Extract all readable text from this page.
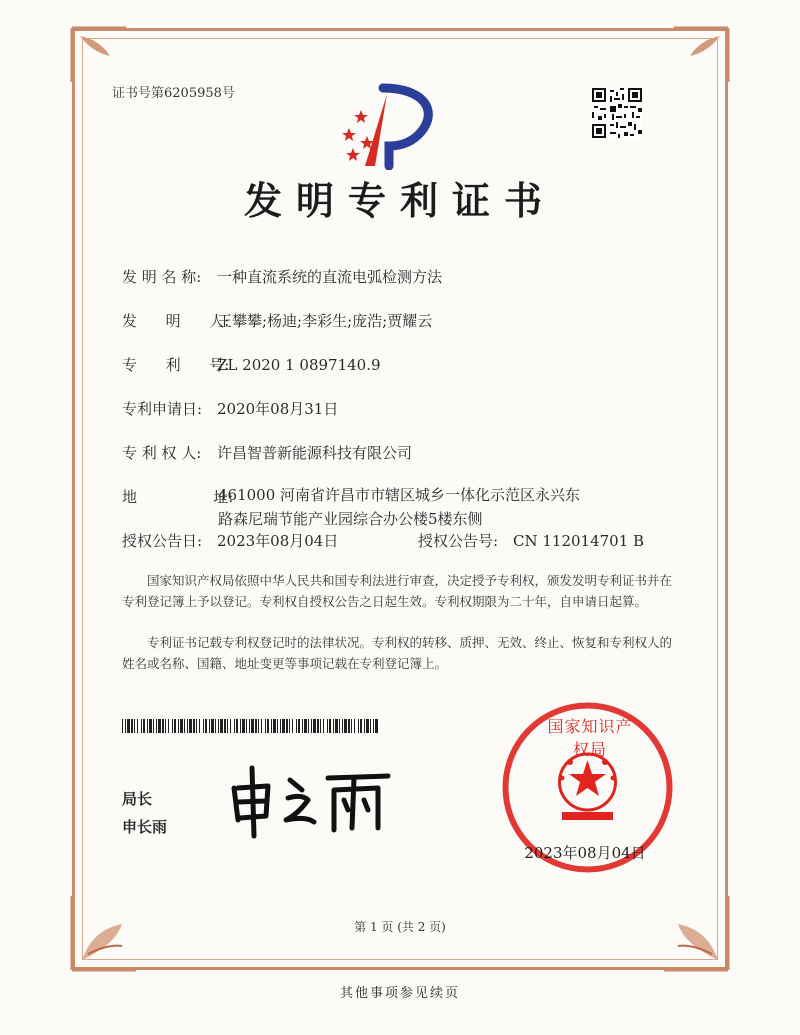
证书号第6205958号
发明专利证书
发 明 名 称: 一种直流系统的直流电弧检测方法
发      明      人:王攀攀;杨迪;李彩生;庞浩;贾耀云
专      利      号:ZL 2020 1 0897140.9
专利申请日: 2020年08月31日
专 利 权 人: 许昌智普新能源科技有限公司
地                址:
461000 河南省许昌市市辖区城乡一体化示范区永兴东
路森尼瑞节能产业园综合办公楼5楼东侧
授权公告日: 2023年08月04日	授权公告号: CN 112014701 B
国家知识产权局依照中华人民共和国专利法进行审查，决定授予专利权，颁发发明专利证书并在专利登记簿上予以登记。专利权自授权公告之日起生效。专利权期限为二十年，自申请日起算。
专利证书记载专利权登记时的法律状况。专利权的转移、质押、无效、终止、恢复和专利权人的姓名或名称、国籍、地址变更等事项记载在专利登记簿上。
局长
申长雨
国家知识产权局
2023年08月04日
第 1 页 (共 2 页)
其他事项参见续页
